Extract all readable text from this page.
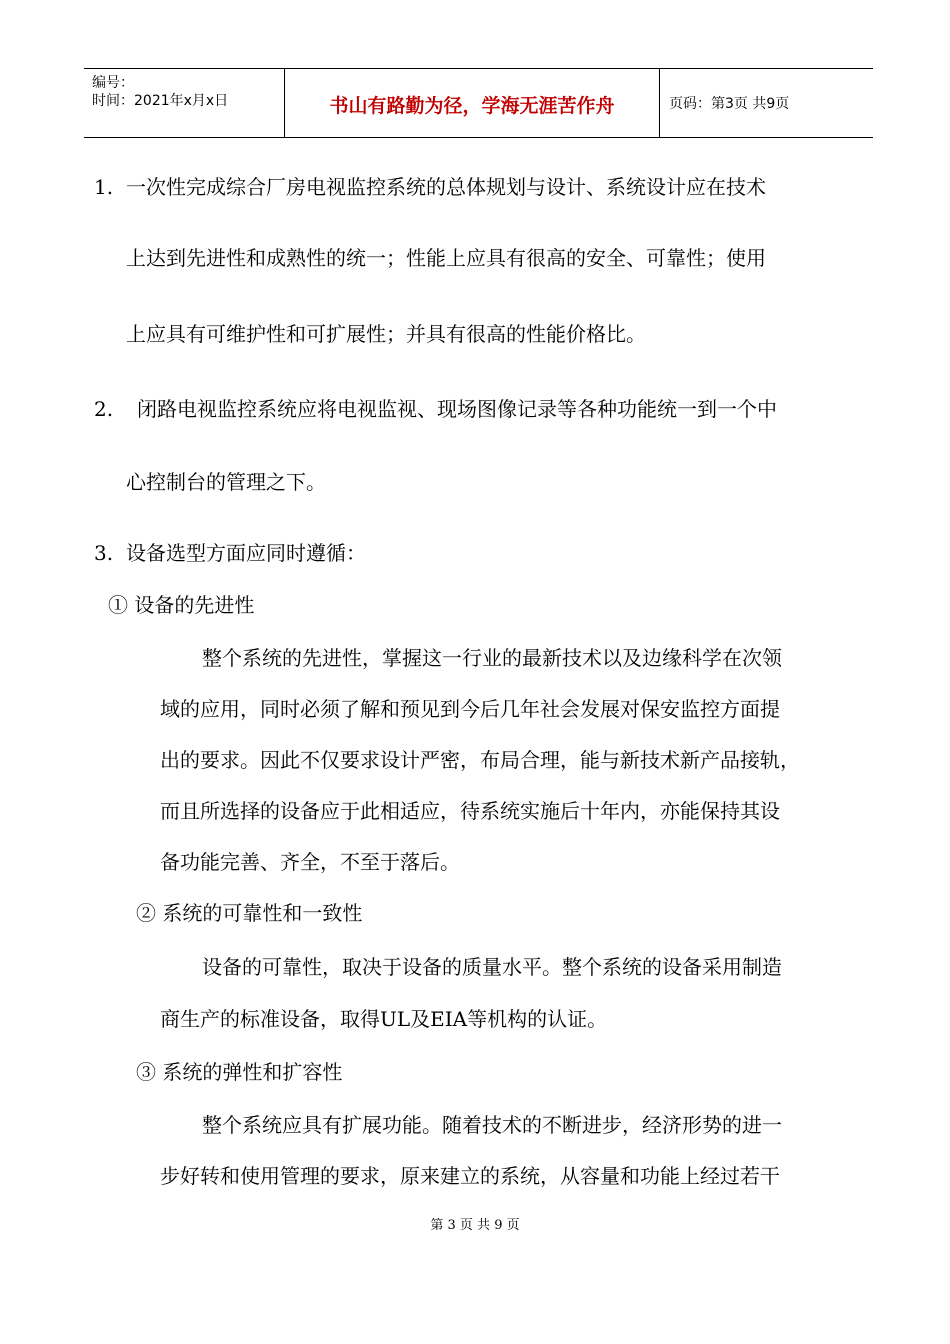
编号：
时间：2021年x月x日	书山有路勤为径，学海无涯苦作舟	页码：第3页 共9页
1. 一次性完成综合厂房电视监控系统的总体规划与设计、系统设计应在技术
上达到先进性和成熟性的统一；性能上应具有很高的安全、可靠性；使用
上应具有可维护性和可扩展性；并具有很高的性能价格比。
2. 闭路电视监控系统应将电视监视、现场图像记录等各种功能统一到一个中
心控制台的管理之下。
3. 设备选型方面应同时遵循：
① 设备的先进性
整个系统的先进性，掌握这一行业的最新技术以及边缘科学在次领
域的应用，同时必须了解和预见到今后几年社会发展对保安监控方面提
出的要求。因此不仅要求设计严密，布局合理，能与新技术新产品接轨，
而且所选择的设备应于此相适应，待系统实施后十年内，亦能保持其设
备功能完善、齐全，不至于落后。
② 系统的可靠性和一致性
设备的可靠性，取决于设备的质量水平。整个系统的设备采用制造
商生产的标准设备，取得UL及EIA等机构的认证。
③ 系统的弹性和扩容性
整个系统应具有扩展功能。随着技术的不断进步，经济形势的进一
步好转和使用管理的要求，原来建立的系统，从容量和功能上经过若干
第 3 页 共 9 页
